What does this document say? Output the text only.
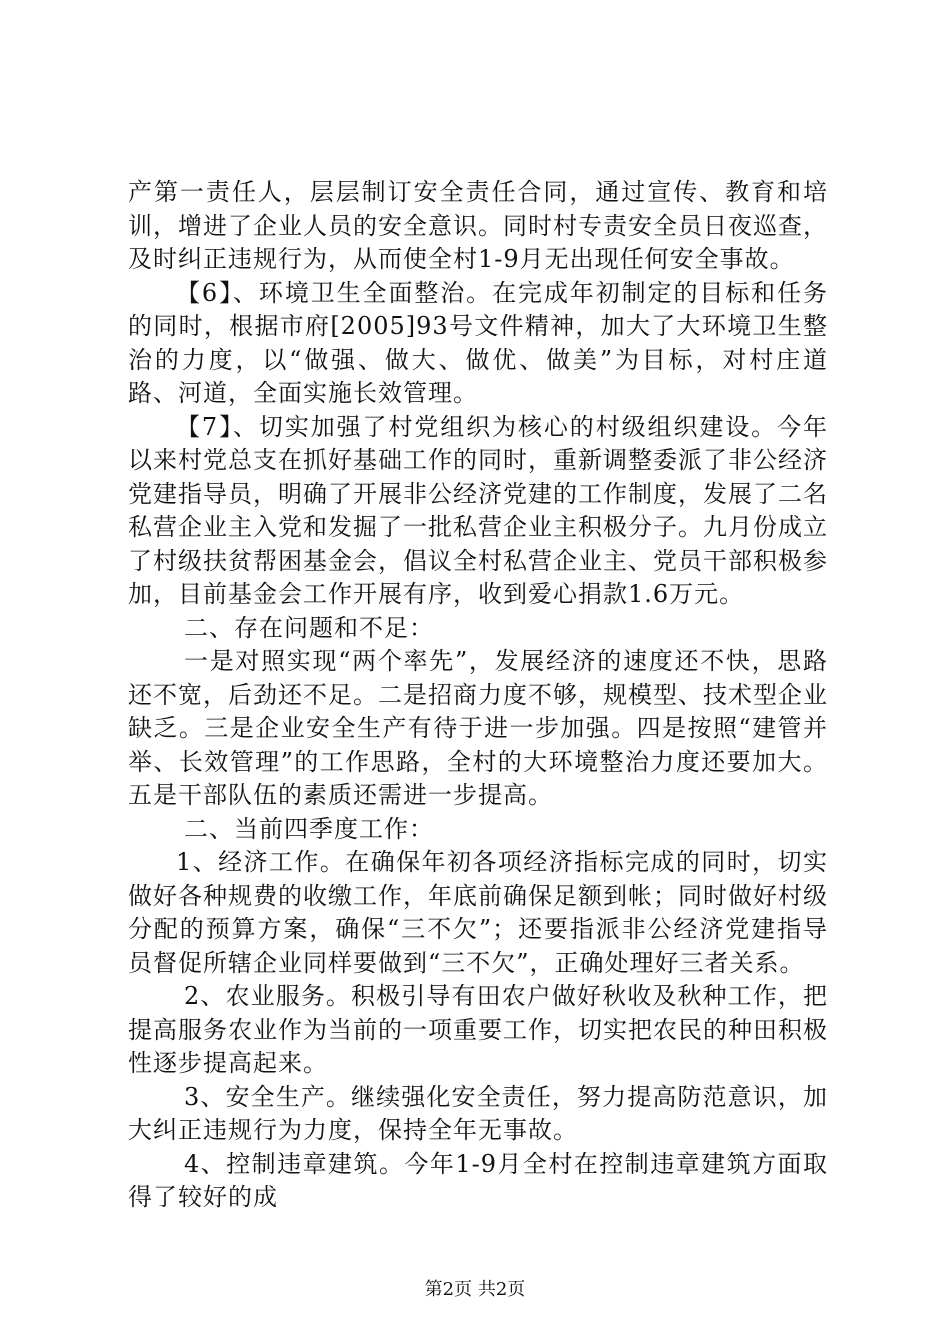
产第一责任人，层层制订安全责任合同，通过宣传、教育和培训，增进了企业人员的安全意识。同时村专责安全员日夜巡查，及时纠正违规行为，从而使全村1-9月无出现任何安全事故。

【6】、环境卫生全面整治。在完成年初制定的目标和任务的同时，根据市府[2005]93号文件精神，加大了大环境卫生整治的力度，以“做强、做大、做优、做美”为目标，对村庄道路、河道，全面实施长效管理。

【7】、切实加强了村党组织为核心的村级组织建设。今年以来村党总支在抓好基础工作的同时，重新调整委派了非公经济党建指导员，明确了开展非公经济党建的工作制度，发展了二名私营企业主入党和发掘了一批私营企业主积极分子。九月份成立了村级扶贫帮困基金会，倡议全村私营企业主、党员干部积极参加，目前基金会工作开展有序，收到爱心捐款1.6万元。

二、存在问题和不足：

一是对照实现“两个率先”，发展经济的速度还不快，思路还不宽，后劲还不足。二是招商力度不够，规模型、技术型企业缺乏。三是企业安全生产有待于进一步加强。四是按照“建管并举、长效管理”的工作思路，全村的大环境整治力度还要加大。五是干部队伍的素质还需进一步提高。

二、当前四季度工作：

1、经济工作。在确保年初各项经济指标完成的同时，切实做好各种规费的收缴工作，年底前确保足额到帐；同时做好村级分配的预算方案，确保“三不欠”；还要指派非公经济党建指导员督促所辖企业同样要做到“三不欠”，正确处理好三者关系。

2、农业服务。积极引导有田农户做好秋收及秋种工作，把提高服务农业作为当前的一项重要工作，切实把农民的种田积极性逐步提高起来。

3、安全生产。继续强化安全责任，努力提高防范意识，加大纠正违规行为力度，保持全年无事故。

4、控制违章建筑。今年1-9月全村在控制违章建筑方面取得了较好的成

第2页 共2页
